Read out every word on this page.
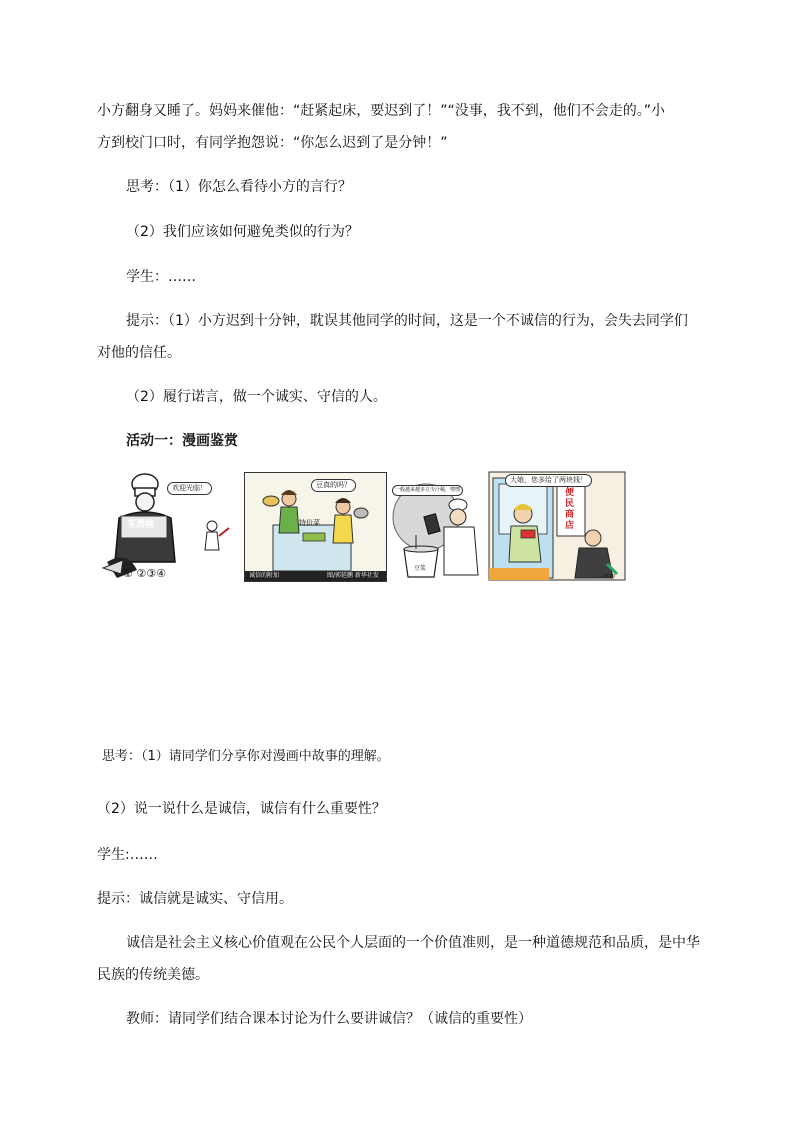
小方翻身又睡了。妈妈来催他：“赶紧起床，要迟到了！”“没事，我不到，他们不会走的。”小
方到校门口时，有同学抱怨说：“你怎么迟到了是分钟！”
思考：（1）你怎么看待小方的言行？
（2）我们应该如何避免类似的行为？
学生：……
提示：（1）小方迟到十分钟，耽误其他同学的时间，这是一个不诚信的行为，会失去同学们
对他的信任。
（2）履行诺言，做一个诚实、守信的人。
活动一：漫画鉴赏
欢迎光临！
某酒楼
① ②③④
豆真的吗？
特价菜
诚信的附加	图/郭延鹏 新华社发
一般越来越多豆少汁稀，嘿嘿
豆浆
大娘，您多给了两块钱！
便民商店
...jy.cn
思考：（1）请同学们分享你对漫画中故事的理解。
（2）说一说什么是诚信，诚信有什么重要性？
学生:……
提示：诚信就是诚实、守信用。
诚信是社会主义核心价值观在公民个人层面的一个价值准则，是一种道德规范和品质，是中华
民族的传统美德。
教师：请同学们结合课本讨论为什么要讲诚信？（诚信的重要性）
